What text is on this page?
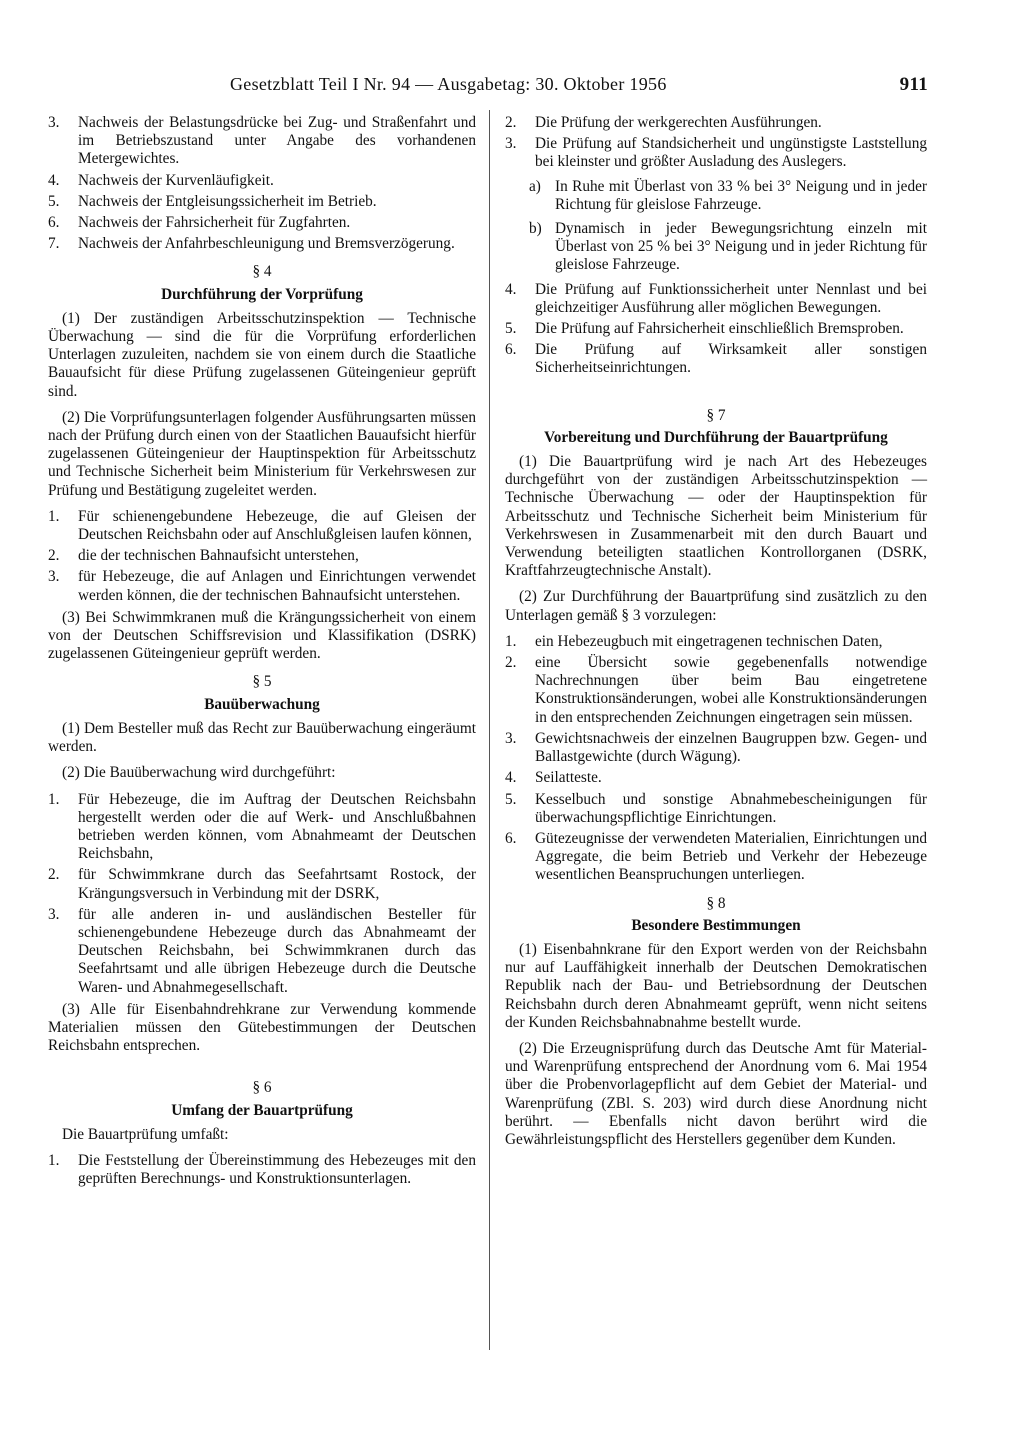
Gesetzblatt Teil I Nr. 94 — Ausgabetag: 30. Oktober 1956	911
3.	Nachweis der Belastungsdrücke bei Zug- und Straßenfahrt und im Betriebszustand unter Angabe des vorhandenen Metergewichtes.
4.	Nachweis der Kurvenläufigkeit.
5.	Nachweis der Entgleisungssicherheit im Betrieb.
6.	Nachweis der Fahrsicherheit für Zugfahrten.
7.	Nachweis der Anfahrbeschleunigung und Bremsverzögerung.
§ 4
Durchführung der Vorprüfung
(1) Der zuständigen Arbeitsschutzinspektion — Technische Überwachung — sind die für die Vorprüfung erforderlichen Unterlagen zuzuleiten, nachdem sie von einem durch die Staatliche Bauaufsicht für diese Prüfung zugelassenen Güteingenieur geprüft sind.
(2) Die Vorprüfungsunterlagen folgender Ausführungsarten müssen nach der Prüfung durch einen von der Staatlichen Bauaufsicht hierfür zugelassenen Güteingenieur der Hauptinspektion für Arbeitsschutz und Technische Sicherheit beim Ministerium für Verkehrswesen zur Prüfung und Bestätigung zugeleitet werden.
1.	Für schienengebundene Hebezeuge, die auf Gleisen der Deutschen Reichsbahn oder auf Anschlußgleisen laufen können,
2.	die der technischen Bahnaufsicht unterstehen,
3.	für Hebezeuge, die auf Anlagen und Einrichtungen verwendet werden können, die der technischen Bahnaufsicht unterstehen.
(3) Bei Schwimmkranen muß die Krängungssicherheit von einem von der Deutschen Schiffsrevision und Klassifikation (DSRK) zugelassenen Güteingenieur geprüft werden.
§ 5
Bauüberwachung
(1) Dem Besteller muß das Recht zur Bauüberwachung eingeräumt werden.
(2) Die Bauüberwachung wird durchgeführt:
1.	Für Hebezeuge, die im Auftrag der Deutschen Reichsbahn hergestellt werden oder die auf Werk- und Anschlußbahnen betrieben werden können, vom Abnahmeamt der Deutschen Reichsbahn,
2.	für Schwimmkrane durch das Seefahrtsamt Rostock, der Krängungsversuch in Verbindung mit der DSRK,
3.	für alle anderen in- und ausländischen Besteller für schienengebundene Hebezeuge durch das Abnahmeamt der Deutschen Reichsbahn, bei Schwimmkranen durch das Seefahrtsamt und alle übrigen Hebezeuge durch die Deutsche Waren- und Abnahmegesellschaft.
(3) Alle für Eisenbahndrehkrane zur Verwendung kommende Materialien müssen den Gütebestimmungen der Deutschen Reichsbahn entsprechen.
§ 6
Umfang der Bauartprüfung
Die Bauartprüfung umfaßt:
1.	Die Feststellung der Übereinstimmung des Hebezeuges mit den geprüften Berechnungs- und Konstruktionsunterlagen.
2.	Die Prüfung der werkgerechten Ausführungen.
3.	Die Prüfung auf Standsicherheit und ungünstigste Laststellung bei kleinster und größter Ausladung des Auslegers.
a) In Ruhe mit Überlast von 33 % bei 3° Neigung und in jeder Richtung für gleislose Fahrzeuge.
b) Dynamisch in jeder Bewegungsrichtung einzeln mit Überlast von 25 % bei 3° Neigung und in jeder Richtung für gleislose Fahrzeuge.
4.	Die Prüfung auf Funktionssicherheit unter Nennlast und bei gleichzeitiger Ausführung aller möglichen Bewegungen.
5.	Die Prüfung auf Fahrsicherheit einschließlich Bremsproben.
6.	Die Prüfung auf Wirksamkeit aller sonstigen Sicherheitseinrichtungen.
§ 7
Vorbereitung und Durchführung der Bauartprüfung
(1) Die Bauartprüfung wird je nach Art des Hebezeuges durchgeführt von der zuständigen Arbeitsschutzinspektion — Technische Überwachung — oder der Hauptinspektion für Arbeitsschutz und Technische Sicherheit beim Ministerium für Verkehrswesen in Zusammenarbeit mit den durch Bauart und Verwendung beteiligten staatlichen Kontrollorganen (DSRK, Kraftfahrzeugtechnische Anstalt).
(2) Zur Durchführung der Bauartprüfung sind zusätzlich zu den Unterlagen gemäß § 3 vorzulegen:
1.	ein Hebezeugbuch mit eingetragenen technischen Daten,
2.	eine Übersicht sowie gegebenenfalls notwendige Nachrechnungen über beim Bau eingetretene Konstruktionsänderungen, wobei alle Konstruktionsänderungen in den entsprechenden Zeichnungen eingetragen sein müssen.
3.	Gewichtsnachweis der einzelnen Baugruppen bzw. Gegen- und Ballastgewichte (durch Wägung).
4.	Seilatteste.
5.	Kesselbuch und sonstige Abnahmebescheinigungen für überwachungspflichtige Einrichtungen.
6.	Gütezeugnisse der verwendeten Materialien, Einrichtungen und Aggregate, die beim Betrieb und Verkehr der Hebezeuge wesentlichen Beanspruchungen unterliegen.
§ 8
Besondere Bestimmungen
(1) Eisenbahnkrane für den Export werden von der Reichsbahn nur auf Lauffähigkeit innerhalb der Deutschen Demokratischen Republik nach der Bau- und Betriebsordnung der Deutschen Reichsbahn durch deren Abnahmeamt geprüft, wenn nicht seitens der Kunden Reichsbahnabnahme bestellt wurde.
(2) Die Erzeugnisprüfung durch das Deutsche Amt für Material- und Warenprüfung entsprechend der Anordnung vom 6. Mai 1954 über die Probenvorlagepflicht auf dem Gebiet der Material- und Warenprüfung (ZBl. S. 203) wird durch diese Anordnung nicht berührt. — Ebenfalls nicht davon berührt wird die Gewährleistungspflicht des Herstellers gegenüber dem Kunden.
